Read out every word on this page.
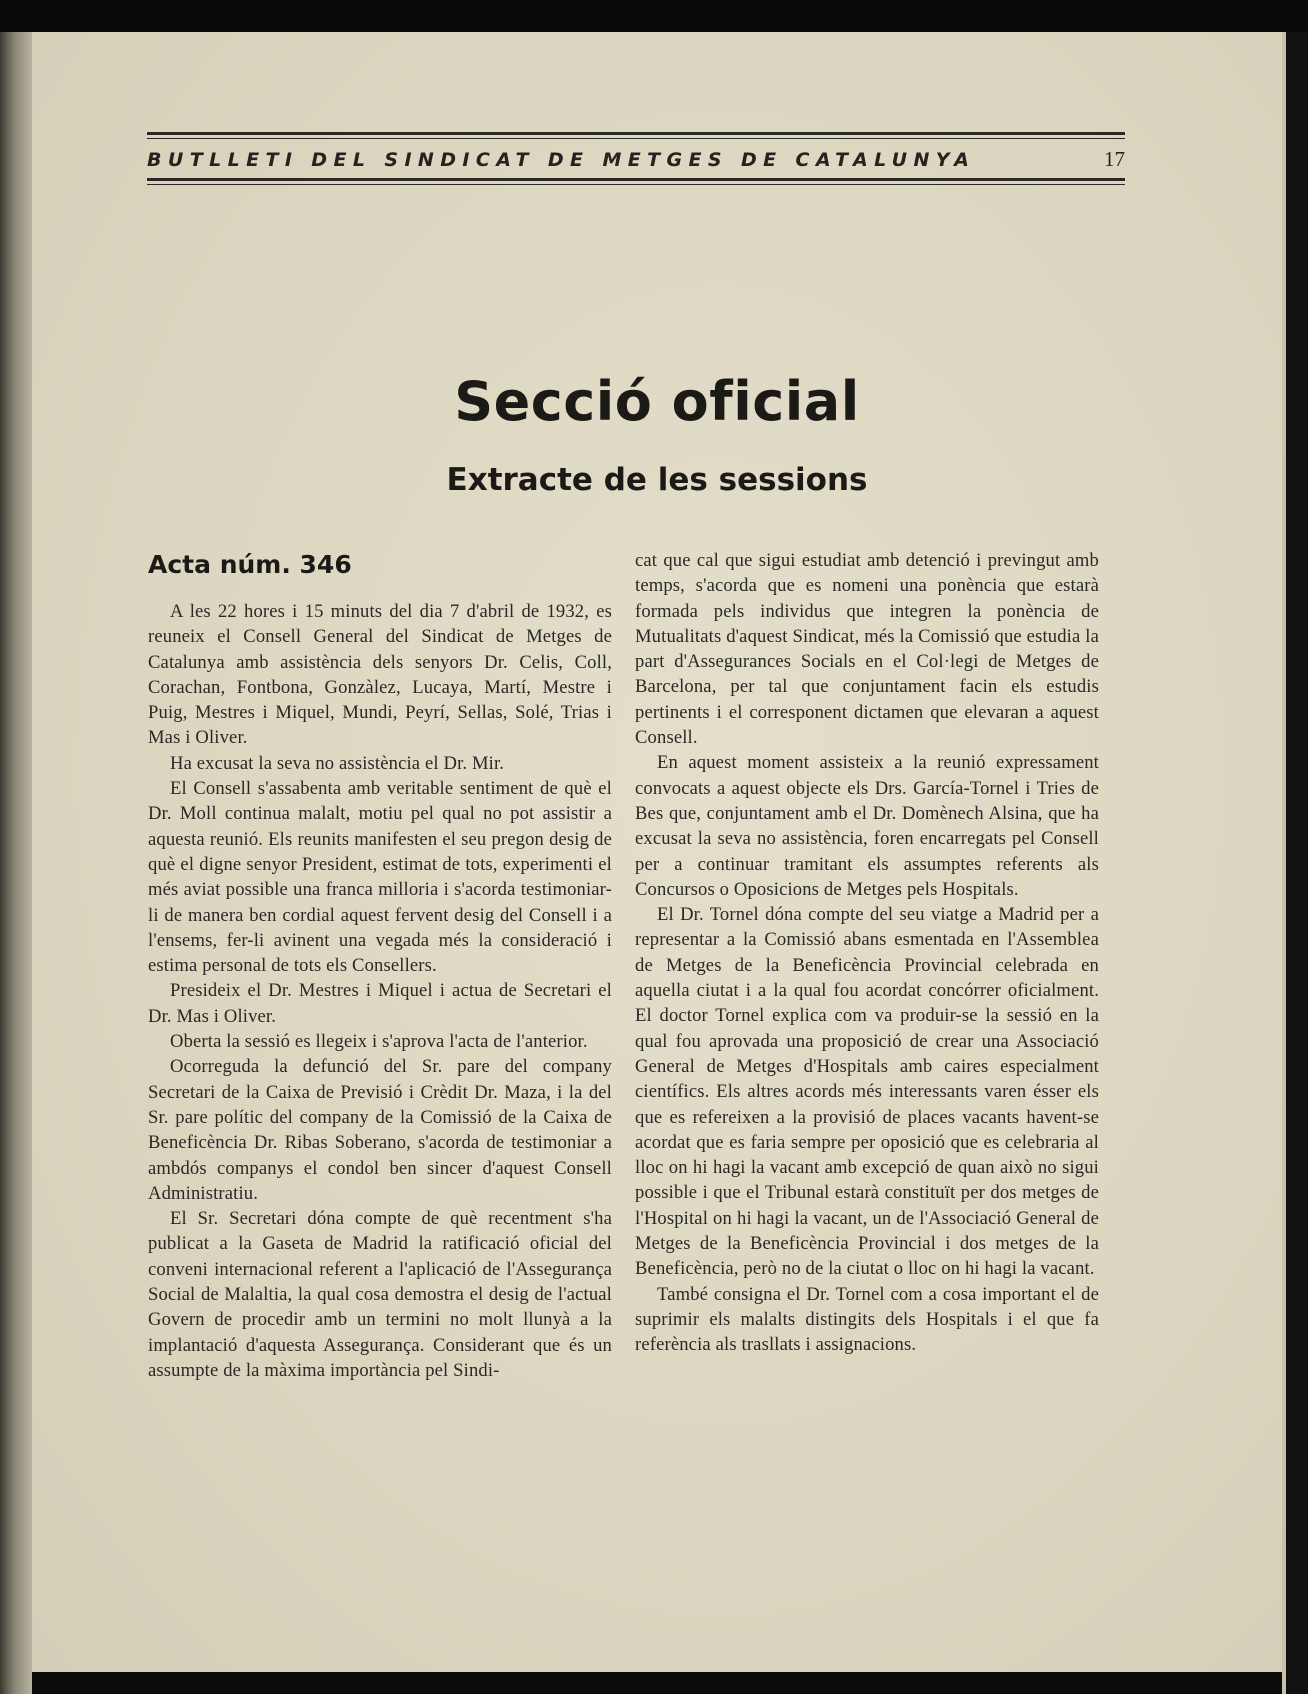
BUTLLETI DEL SINDICAT DE METGES DE CATALUNYA	17
Secció oficial
Extracte de les sessions
Acta núm. 346

A les 22 hores i 15 minuts del dia 7 d'abril de 1932, es reuneix el Consell General del Sindicat de Metges de Catalunya amb assistència dels senyors Dr. Celis, Coll, Corachan, Fontbona, Gonzàlez, Lucaya, Martí, Mestre i Puig, Mestres i Miquel, Mundi, Peyrí, Sellas, Solé, Trias i Mas i Oliver.

Ha excusat la seva no assistència el Dr. Mir.

El Consell s'assabenta amb veritable sentiment de què el Dr. Moll continua malalt, motiu pel qual no pot assistir a aquesta reunió. Els reunits manifesten el seu pregon desig de què el digne senyor President, estimat de tots, experimenti el més aviat possible una franca milloria i s'acorda testimoniar-li de manera ben cordial aquest fervent desig del Consell i a l'ensems, fer-li avinent una vegada més la consideració i estima personal de tots els Consellers.

Presideix el Dr. Mestres i Miquel i actua de Secretari el Dr. Mas i Oliver.

Oberta la sessió es llegeix i s'aprova l'acta de l'anterior.

Ocorreguda la defunció del Sr. pare del company Secretari de la Caixa de Previsió i Crèdit Dr. Maza, i la del Sr. pare polític del company de la Comissió de la Caixa de Beneficència Dr. Ribas Soberano, s'acorda de testimoniar a ambdós companys el condol ben sincer d'aquest Consell Administratiu.

El Sr. Secretari dóna compte de què recentment s'ha publicat a la Gaseta de Madrid la ratificació oficial del conveni internacional referent a l'aplicació de l'Assegurança Social de Malaltia, la qual cosa demostra el desig de l'actual Govern de procedir amb un termini no molt llunyà a la implantació d'aquesta Assegurança. Considerant que és un assumpte de la màxima importància pel Sindi-

cat que cal que sigui estudiat amb detenció i previngut amb temps, s'acorda que es nomeni una ponència que estarà formada pels individus que integren la ponència de Mutualitats d'aquest Sindicat, més la Comissió que estudia la part d'Assegurances Socials en el Col·legi de Metges de Barcelona, per tal que conjuntament facin els estudis pertinents i el corresponent dictamen que elevaran a aquest Consell.

En aquest moment assisteix a la reunió expressament convocats a aquest objecte els Drs. García-Tornel i Tries de Bes que, conjuntament amb el Dr. Domènech Alsina, que ha excusat la seva no assistència, foren encarregats pel Consell per a continuar tramitant els assumptes referents als Concursos o Oposicions de Metges pels Hospitals.

El Dr. Tornel dóna compte del seu viatge a Madrid per a representar a la Comissió abans esmentada en l'Assemblea de Metges de la Beneficència Provincial celebrada en aquella ciutat i a la qual fou acordat concórrer oficialment. El doctor Tornel explica com va produir-se la sessió en la qual fou aprovada una proposició de crear una Associació General de Metges d'Hospitals amb caires especialment científics. Els altres acords més interessants varen ésser els que es refereixen a la provisió de places vacants havent-se acordat que es faria sempre per oposició que es celebraria al lloc on hi hagi la vacant amb excepció de quan això no sigui possible i que el Tribunal estarà constituït per dos metges de l'Hospital on hi hagi la vacant, un de l'Associació General de Metges de la Beneficència Provincial i dos metges de la Beneficència, però no de la ciutat o lloc on hi hagi la vacant.

També consigna el Dr. Tornel com a cosa important el de suprimir els malalts distingits dels Hospitals i el que fa referència als trasllats i assignacions.
